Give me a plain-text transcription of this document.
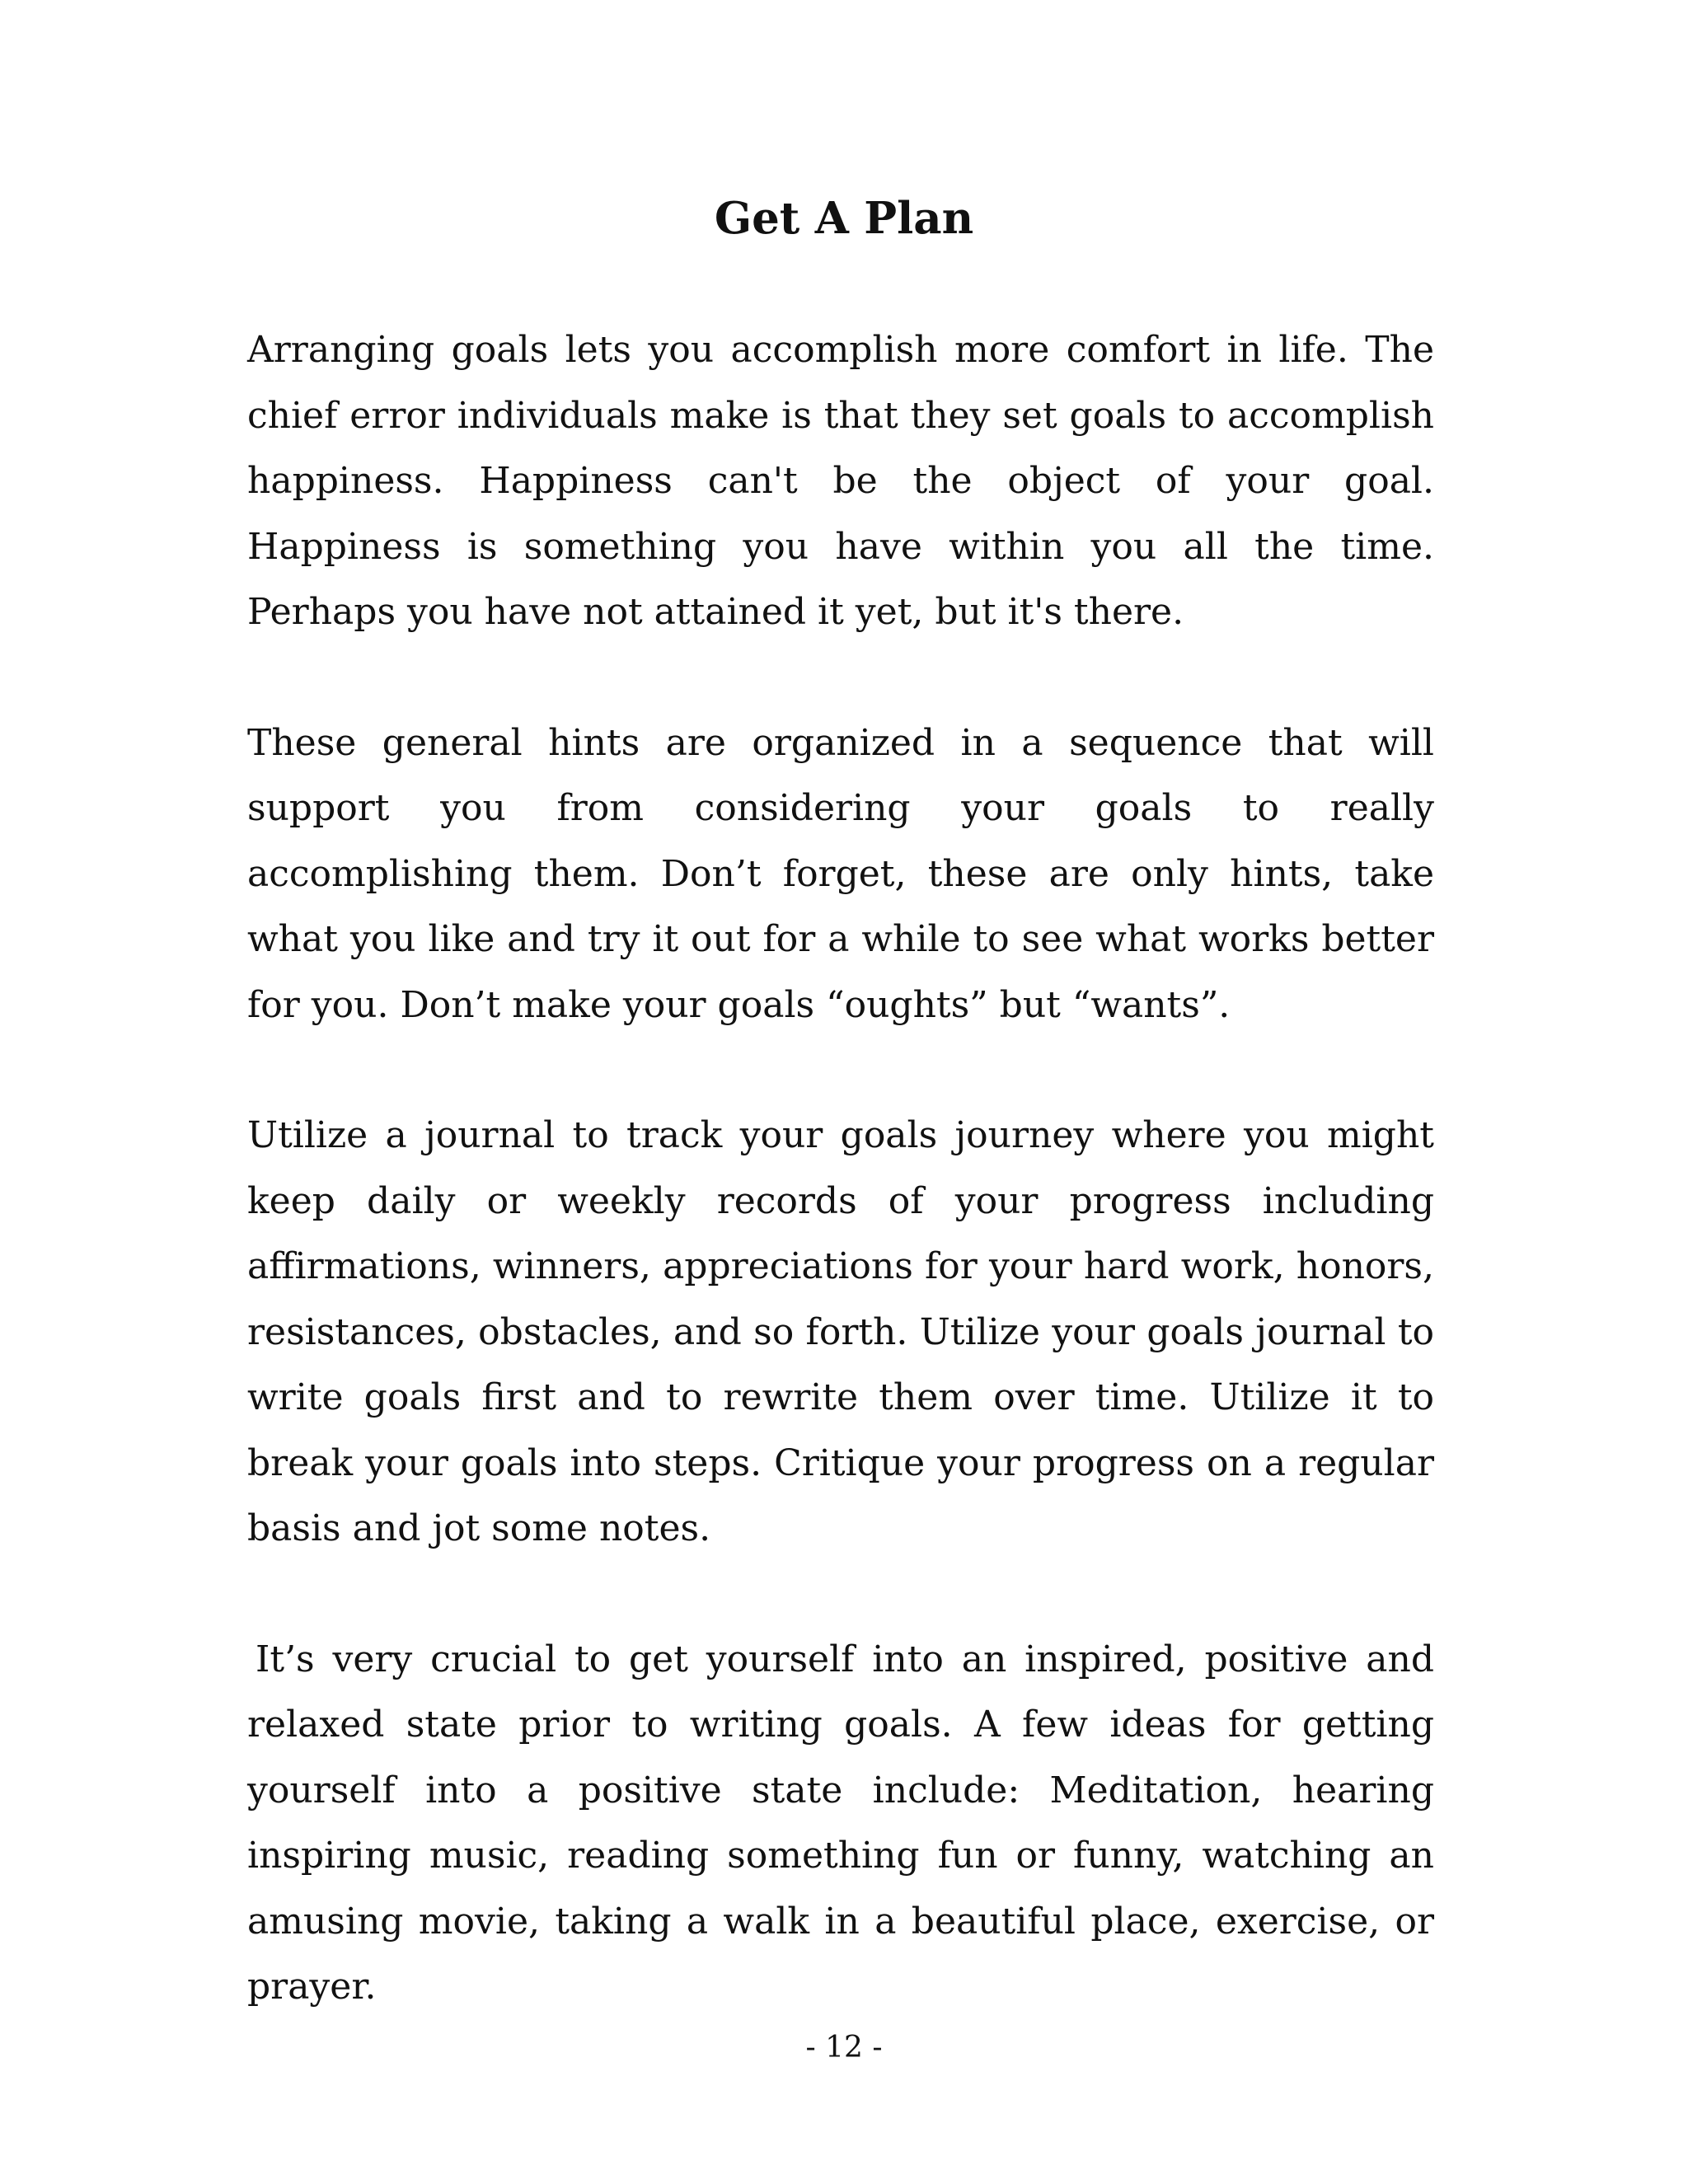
Get A Plan

Arranging goals lets you accomplish more comfort in life. The chief error individuals make is that they set goals to accomplish happiness. Happiness can't be the object of your goal. Happiness is something you have within you all the time. Perhaps you have not attained it yet, but it's there.

These general hints are organized in a sequence that will support you from considering your goals to really accomplishing them. Don’t forget, these are only hints, take what you like and try it out for a while to see what works better for you. Don’t make your goals “oughts” but “wants”.

Utilize a journal to track your goals journey where you might keep daily or weekly records of your progress including affirmations, winners, appreciations for your hard work, honors, resistances, obstacles, and so forth. Utilize your goals journal to write goals first and to rewrite them over time. Utilize it to break your goals into steps. Critique your progress on a regular basis and jot some notes.

It’s very crucial to get yourself into an inspired, positive and relaxed state prior to writing goals. A few ideas for getting yourself into a positive state include: Meditation, hearing inspiring music, reading something fun or funny, watching an amusing movie, taking a walk in a beautiful place, exercise, or prayer.

- 12 -
